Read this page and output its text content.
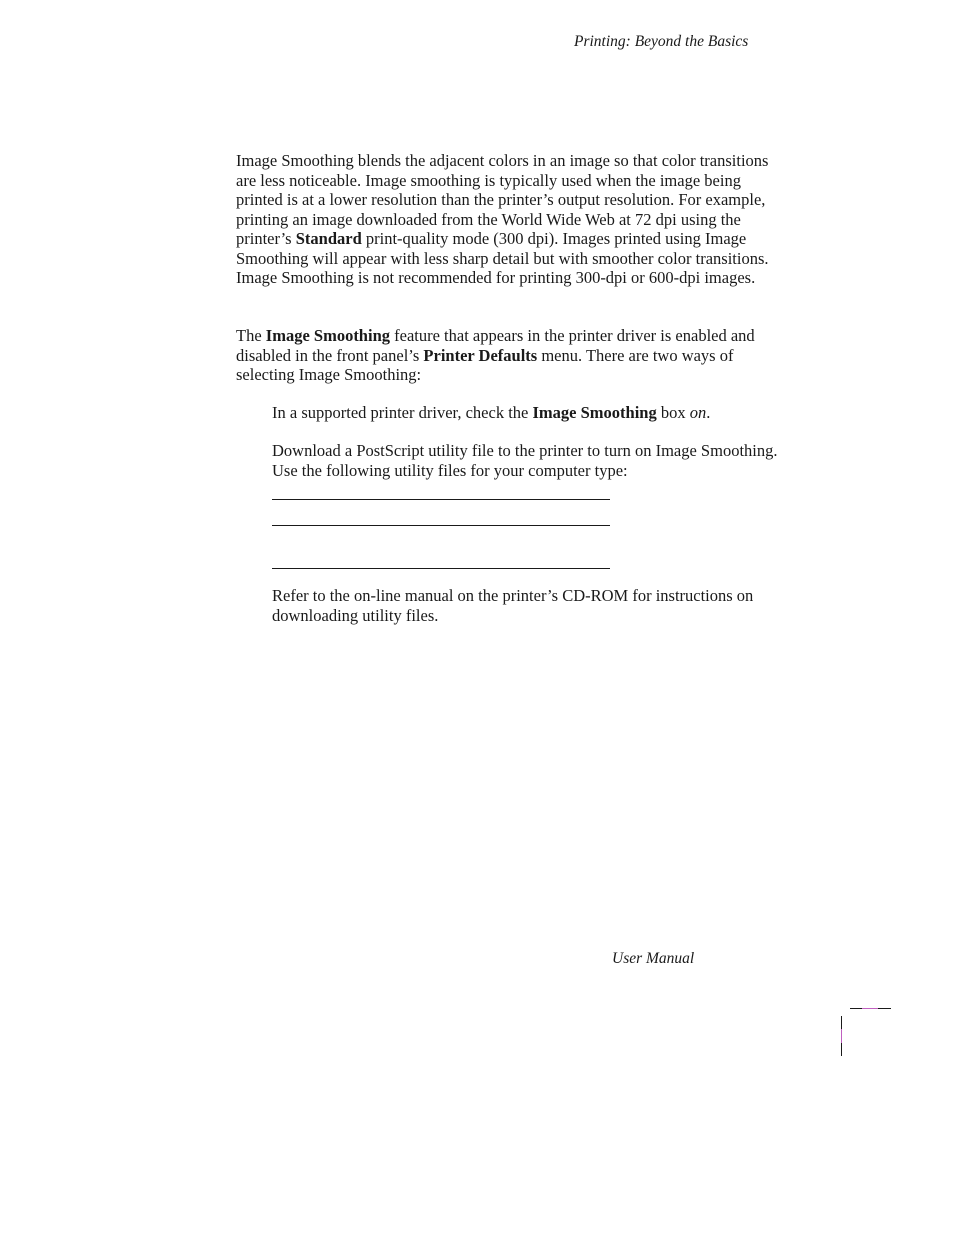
Printing: Beyond the Basics

Image Smoothing blends the adjacent colors in an image so that color transitions are less noticeable. Image smoothing is typically used when the image being printed is at a lower resolution than the printer’s output resolution. For example, printing an image downloaded from the World Wide Web at 72 dpi using the printer’s Standard print-quality mode (300 dpi). Images printed using Image Smoothing will appear with less sharp detail but with smoother color transitions. Image Smoothing is not recommended for printing 300-dpi or 600-dpi images.

The Image Smoothing feature that appears in the printer driver is enabled and disabled in the front panel’s Printer Defaults menu. There are two ways of selecting Image Smoothing:

In a supported printer driver, check the Image Smoothing box on.

Download a PostScript utility file to the printer to turn on Image Smoothing. Use the following utility files for your computer type:

Refer to the on-line manual on the printer’s CD-ROM for instructions on downloading utility files.

User Manual
